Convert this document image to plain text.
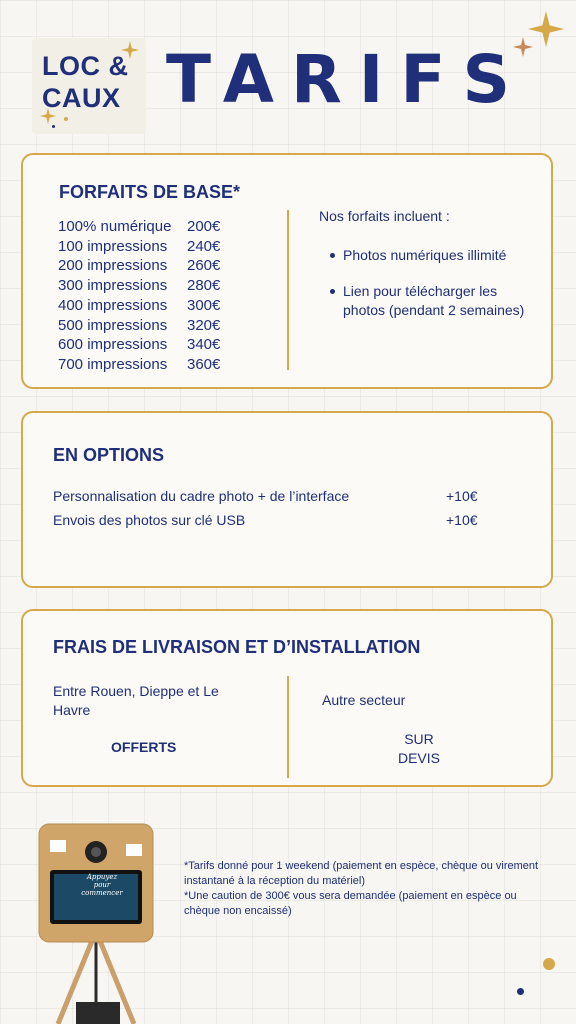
LOC &
CAUX TARIFS
FORFAITS DE BASE*
100% numérique	200€
100 impressions	240€
200 impressions	260€
300 impressions	280€
400 impressions	300€
500 impressions	320€
600 impressions	340€
700 impressions	360€
Nos forfaits incluent :
Photos numériques illimité
Lien pour télécharger les photos (pendant 2 semaines)
EN OPTIONS
Personnalisation du cadre photo + de l’interface	+10€
Envois des photos sur clé USB	+10€
FRAIS DE LIVRAISON ET D’INSTALLATION
Entre Rouen, Dieppe et Le Havre
OFFERTS
Autre secteur
SUR
DEVIS
Appuyez
pour
commencer
*Tarifs donné pour 1 weekend (paiement en espèce, chèque ou virement instantané à la réception du matériel)
*Une caution de 300€ vous sera demandée (paiement en espèce ou chèque non encaissé)
